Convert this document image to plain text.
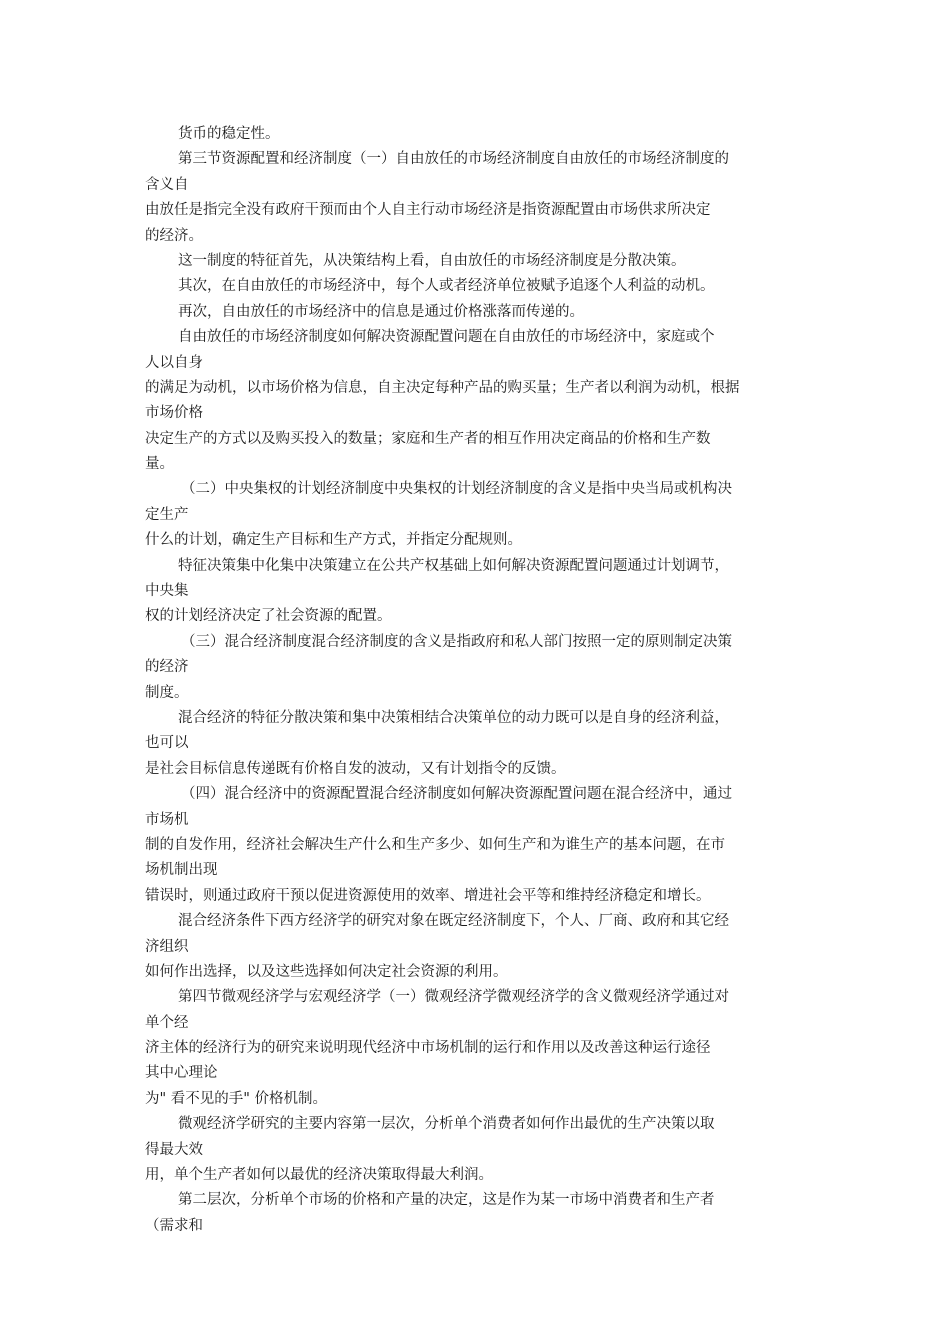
货币的稳定性。
第三节资源配置和经济制度（一）自由放任的市场经济制度自由放任的市场经济制度的
含义自
由放任是指完全没有政府干预而由个人自主行动市场经济是指资源配置由市场供求所决定
的经济。
这一制度的特征首先，从决策结构上看，自由放任的市场经济制度是分散决策。
其次，在自由放任的市场经济中，每个人或者经济单位被赋予追逐个人利益的动机。
再次，自由放任的市场经济中的信息是通过价格涨落而传递的。
自由放任的市场经济制度如何解决资源配置问题在自由放任的市场经济中，家庭或个
人以自身
的满足为动机，以市场价格为信息，自主决定每种产品的购买量；生产者以利润为动机，根据
市场价格
决定生产的方式以及购买投入的数量；家庭和生产者的相互作用决定商品的价格和生产数
量。
（二）中央集权的计划经济制度中央集权的计划经济制度的含义是指中央当局或机构决
定生产
什么的计划，确定生产目标和生产方式，并指定分配规则。
特征决策集中化集中决策建立在公共产权基础上如何解决资源配置问题通过计划调节，
中央集
权的计划经济决定了社会资源的配置。
（三）混合经济制度混合经济制度的含义是指政府和私人部门按照一定的原则制定决策
的经济
制度。
混合经济的特征分散决策和集中决策相结合决策单位的动力既可以是自身的经济利益，
也可以
是社会目标信息传递既有价格自发的波动，又有计划指令的反馈。
（四）混合经济中的资源配置混合经济制度如何解决资源配置问题在混合经济中，通过
市场机
制的自发作用，经济社会解决生产什么和生产多少、如何生产和为谁生产的基本问题，在市
场机制出现
错误时，则通过政府干预以促进资源使用的效率、增进社会平等和维持经济稳定和增长。
混合经济条件下西方经济学的研究对象在既定经济制度下，个人、厂商、政府和其它经
济组织
如何作出选择，以及这些选择如何决定社会资源的利用。
第四节微观经济学与宏观经济学（一）微观经济学微观经济学的含义微观经济学通过对
单个经
济主体的经济行为的研究来说明现代经济中市场机制的运行和作用以及改善这种运行途径
其中心理论
为" 看不见的手" 价格机制。
微观经济学研究的主要内容第一层次，分析单个消费者如何作出最优的生产决策以取
得最大效
用，单个生产者如何以最优的经济决策取得最大利润。
第二层次，分析单个市场的价格和产量的决定，这是作为某一市场中消费者和生产者
（需求和
